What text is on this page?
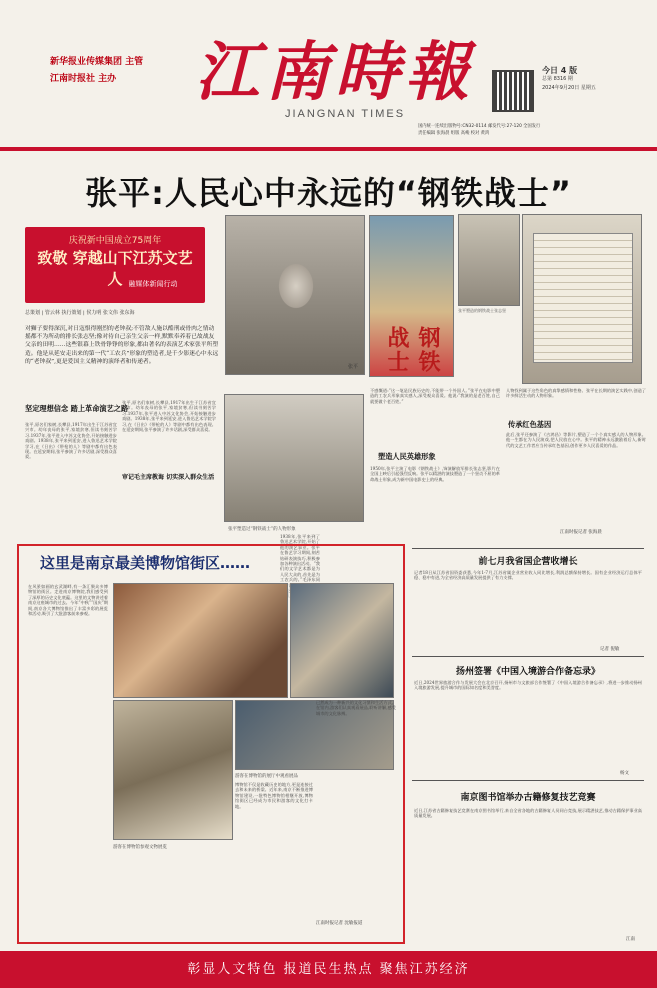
新华报业传媒集团 主管
江南时报社 主办	江南時報
JIANGNAN TIMES
今日 4 版
总第 8316 期
2024年9月20日 星期五
国内统一连续出版物号:CN32-0114 邮发代号:27-120 全国发行
责任编辑 张海晨 组版 高峻 校对 黄鸿
张平:人民心中永远的“钢铁战士”
庆祝新中国成立75周年
致敬 穿越山下江苏文艺人 融媒体新闻行动
总策划 | 管云林 执行策划 | 侯力明 张文伟 张东海
对狮子要得深沉,对日寇恨得刚烈的老钟叔;不管敌人施以酷刑或骨肉之情动摇都不为所动的排长张志坚;像对待自己亲生父亲一样,默默奉养着已故战友父亲的田明……这些银幕上铁骨铮铮的形象,都由著名的表演艺术家张平所塑造。他是从延安走出来的第一代“工农兵”形象的塑造者,是千少影迷心中永远的“老钟叔”,更是爱国主义精神的演绎者和传递者。
张平	钢铁战士
张平塑造的钢铁战士张志坚
坚定理想信念 踏上革命演艺之路
张平,原名们家树,长攀县,1917年出生于江苏省宜兴市。幼年丧母的张平,家境贫寒,但读书刻苦学习.1937年,张平进入中苏文化协会,开始接触进步戏剧。1938年,张平来到延安,进入鲁迅艺术学院学习,在《日出》《带枪的人》等剧中都有出色表现。在延安期间,张平参演了许多话剧,深受群众喜爱。
张平,原名们家树,长攀县,1917年出生于江苏省宜兴市。幼年丧母的张平,家境贫寒,但读书刻苦学习.1937年,张平进入中苏文化协会,开始接触进步戏剧。1938年,张平来到延安,进入鲁迅艺术学院学习,在《日出》《带枪的人》等剧中都有出色表现。在延安期间,张平参演了许多话剧,深受群众喜爱。
张平塑造过“钢铁战士”的人物形象
审记毛主席教诲 切实深入群众生活
1938年,张平来到了鲁迅艺术学院,开始了他的演艺事业。张平在鲁艺学习期间,刻苦钻研表演技巧,积极参加各种演出活动。“我们的文学艺术都是为人民大众的,首先是为工农兵的。”毛泽东同 的讲 识到 深入
不感慨道:“这一笔是民族历史的,不能带一个外国人。”张平在电影中塑造的工农兵形象真实感人,深受观众喜爱。他说:“我演的是老百姓,自己就要做个老百姓。”
塑造人民英雄形象
1950年,张平主演了电影《钢铁战士》,饰演解放军排长张志坚,影片在全国上映后引起强烈反响。张平以精湛的演技塑造了一个坚贞不屈的革命战士形象,成为新中国电影史上的经典。
人物找到属于这些角色的真挚感情和性格。张平在长期的演艺实践中,创造了许多鲜活生动的人物形象。
传承红色基因
此后,张平还参演了《吉鸿昌》等影片,塑造了一个个真实感人的人物形象。他一生都在为人民演戏,把人民放在心中。张平的精神永远激励着后人,新时代的文艺工作者应当传承红色基因,创作更多人民喜爱的作品。
江南时报记者 张海晨
这里是南京最美博物馆街区……
在风景如画的玄武湖畔,有一条汇聚众多博物馆的街区。走进南京博物院,我们感受到了深厚的历史文化底蕴。这里的文物讲述着南京这座城市的过去。今年“中秋”“国庆”期间,南京各大博物馆推出了丰富多彩的展览和活动,吸引了大批游客前来参观。
游客在博物馆的展厅中观看展品
博物馆不仅是收藏历史的地方,更是连接过去和未来的桥梁。近年来,南京不断推进博物馆建设,一批特色博物馆相继开放,博物馆街区已经成为市民和游客的文化打卡地。
已然成为一种新兴的文化习惯和生活方式。在馆内,游客们认真观看展品,聆听讲解,感受城市的文化脉搏。
游客在博物馆参观文物展览
江南时报记者 沈敏报道
前七月我省国企营收增长
记者18日从江苏省国资委获悉,今年1-7月,江苏省属企业营业收入同比增长,利润总额保持增长。国有企业经济运行总体平稳、稳中有进,为全省经济高质量发展提供了有力支撑。
记者 倪敏
扬州签署《中国入境游合作备忘录》
近日,2024世界旅游合作与发展大会在北京召开,扬州市与文旅部合作签署了《中国入境游合作备忘录》,将进一步推动扬州入境旅游发展,提升城市的国际知名度和美誉度。
杨文
南京图书馆举办古籍修复技艺竞赛
近日,江苏省古籍修复技艺竞赛在南京图书馆举行,来自全省各地的古籍修复人员同台竞技,展示精湛技艺,推动古籍保护事业高质量发展。
江南
彰显人文特色 报道民生热点 聚焦江苏经济
